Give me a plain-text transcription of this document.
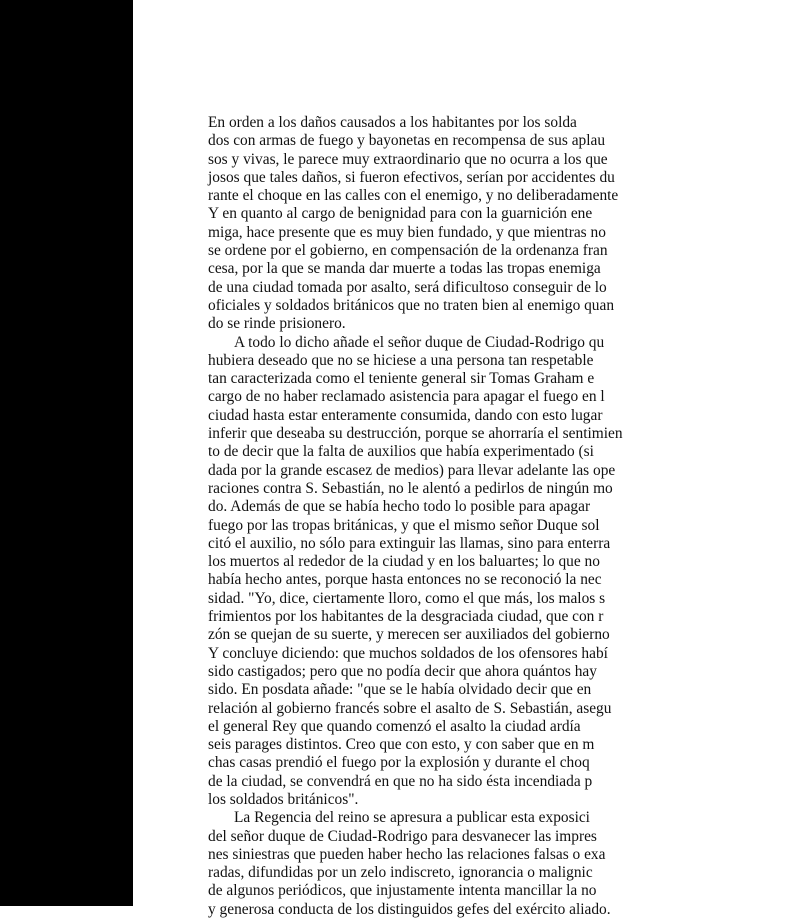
En orden a los daños causados a los habitantes por los solda
dos con armas de fuego y bayonetas en recompensa de sus aplau
sos y vivas, le parece muy extraordinario que no ocurra a los que
josos que tales daños, si fueron efectivos, serían por accidentes du
rante el choque en las calles con el enemigo, y no deliberadamente
Y en quanto al cargo de benignidad para con la guarnición ene
miga, hace presente que es muy bien fundado, y que mientras no
se ordene por el gobierno, en compensación de la ordenanza fran
cesa, por la que se manda dar muerte a todas las tropas enemiga
de una ciudad tomada por asalto, será dificultoso conseguir de lo
oficiales y soldados británicos que no traten bien al enemigo quan
do se rinde prisionero.
A todo lo dicho añade el señor duque de Ciudad-Rodrigo qu
hubiera deseado que no se hiciese a una persona tan respetable
tan caracterizada como el teniente general sir Tomas Graham e
cargo de no haber reclamado asistencia para apagar el fuego en l
ciudad hasta estar enteramente consumida, dando con esto lugar
inferir que deseaba su destrucción, porque se ahorraría el sentimien
to de decir que la falta de auxilios que había experimentado (si
dada por la grande escasez de medios) para llevar adelante las ope
raciones contra S. Sebastián, no le alentó a pedirlos de ningún mo
do. Además de que se había hecho todo lo posible para apagar
fuego por las tropas británicas, y que el mismo señor Duque sol
citó el auxilio, no sólo para extinguir las llamas, sino para enterra
los muertos al rededor de la ciudad y en los baluartes; lo que no
había hecho antes, porque hasta entonces no se reconoció la nec
sidad. "Yo, dice, ciertamente lloro, como el que más, los malos s
frimientos por los habitantes de la desgraciada ciudad, que con r
zón se quejan de su suerte, y merecen ser auxiliados del gobierno
Y concluye diciendo: que muchos soldados de los ofensores habí
sido castigados; pero que no podía decir que ahora quántos hay
sido. En posdata añade: "que se le había olvidado decir que en
relación al gobierno francés sobre el asalto de S. Sebastián, asegu
el general Rey que quando comenzó el asalto la ciudad ardía
seis parages distintos. Creo que con esto, y con saber que en m
chas casas prendió el fuego por la explosión y durante el choq
de la ciudad, se convendrá en que no ha sido ésta incendiada p
los soldados británicos".
La Regencia del reino se apresura a publicar esta exposici
del señor duque de Ciudad-Rodrigo para desvanecer las impres
nes siniestras que pueden haber hecho las relaciones falsas o exa
radas, difundidas por un zelo indiscreto, ignorancia o malignic
de algunos periódicos, que injustamente intenta mancillar la no
y generosa conducta de los distinguidos gefes del exército aliado.
